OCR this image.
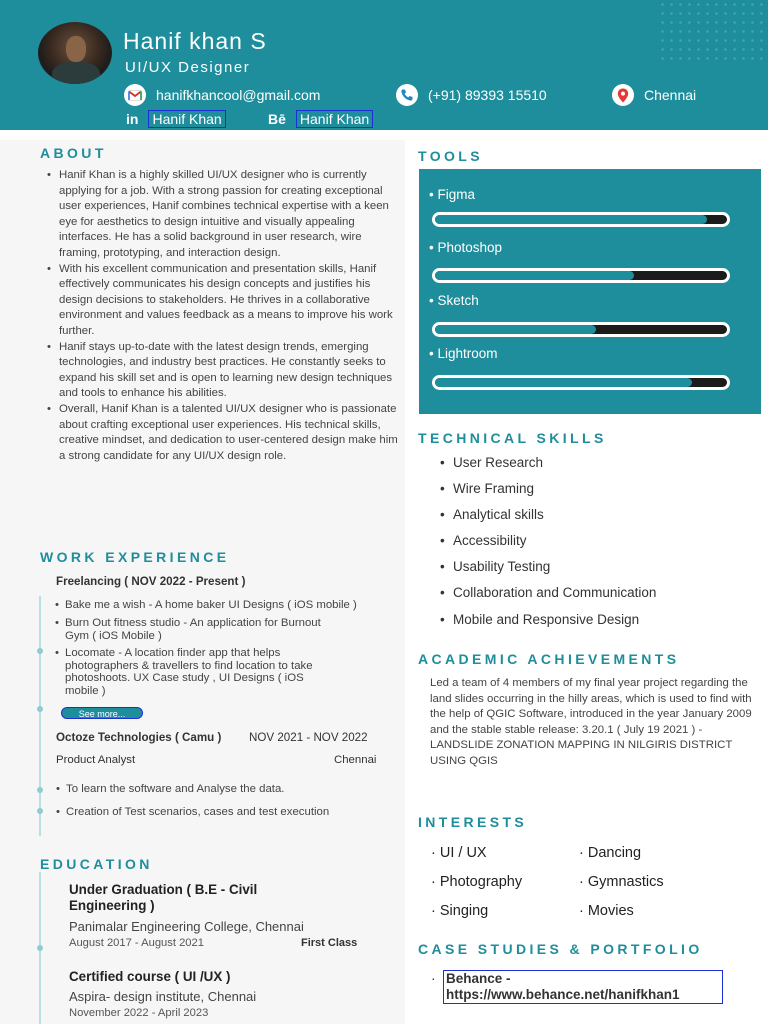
Hanif khan S
UI/UX Designer
hanifkhancool@gmail.com	(+91) 89393 15510	Chennai
in Hanif Khan	Bē Hanif Khan
ABOUT
• Hanif Khan is a highly skilled UI/UX designer who is currently applying for a job. With a strong passion for creating exceptional user experiences, Hanif combines technical expertise with a keen eye for aesthetics to design intuitive and visually appealing interfaces. He has a solid background in user research, wire framing, prototyping, and interaction design.
• With his excellent communication and presentation skills, Hanif effectively communicates his design concepts and justifies his design decisions to stakeholders. He thrives in a collaborative environment and values feedback as a means to improve his work further.
• Hanif stays up-to-date with the latest design trends, emerging technologies, and industry best practices. He constantly seeks to expand his skill set and is open to learning new design techniques and tools to enhance his abilities.
• Overall, Hanif Khan is a talented UI/UX designer who is passionate about crafting exceptional user experiences. His technical skills, creative mindset, and dedication to user-centered design make him a strong candidate for any UI/UX design role.
WORK EXPERIENCE
Freelancing ( NOV 2022 - Present )
• Bake me a wish - A home baker UI Designs ( iOS mobile )
• Burn Out fitness studio - An application for Burnout Gym ( iOS Mobile )
• Locomate - A location finder app that helps photographers & travellers to find location to take photoshoots. UX Case study , UI Designs ( iOS mobile )
See more...
Octoze Technologies ( Camu ) NOV 2021 - NOV 2022
Product Analyst	Chennai
• To learn the software and Analyse the data.
• Creation of Test scenarios, cases and test execution
EDUCATION
Under Graduation ( B.E - Civil Engineering )
Panimalar Engineering College, Chennai
August 2017 - August 2021	First Class
Certified course ( UI /UX )
Aspira- design institute, Chennai
November 2022 - April 2023
TOOLS
• Figma
• Photoshop
• Sketch
• Lightroom
TECHNICAL SKILLS
• User Research
• Wire Framing
• Analytical skills
• Accessibility
• Usability Testing
• Collaboration and Communication
• Mobile and Responsive Design
ACADEMIC ACHIEVEMENTS
Led a team of 4 members of my final year project regarding the land slides occurring in the hilly areas, which is used to find with the help of QGIC Software, introduced in the year January 2009 and the stable stable release: 3.20.1 ( July 19 2021 ) - LANDSLIDE ZONATION MAPPING IN NILGIRIS DISTRICT USING QGIS
INTERESTS
· UI / UX	· Dancing
· Photography	· Gymnastics
· Singing	· Movies
CASE STUDIES & PORTFOLIO
· Behance - https://www.behance.net/hanifkhan1
